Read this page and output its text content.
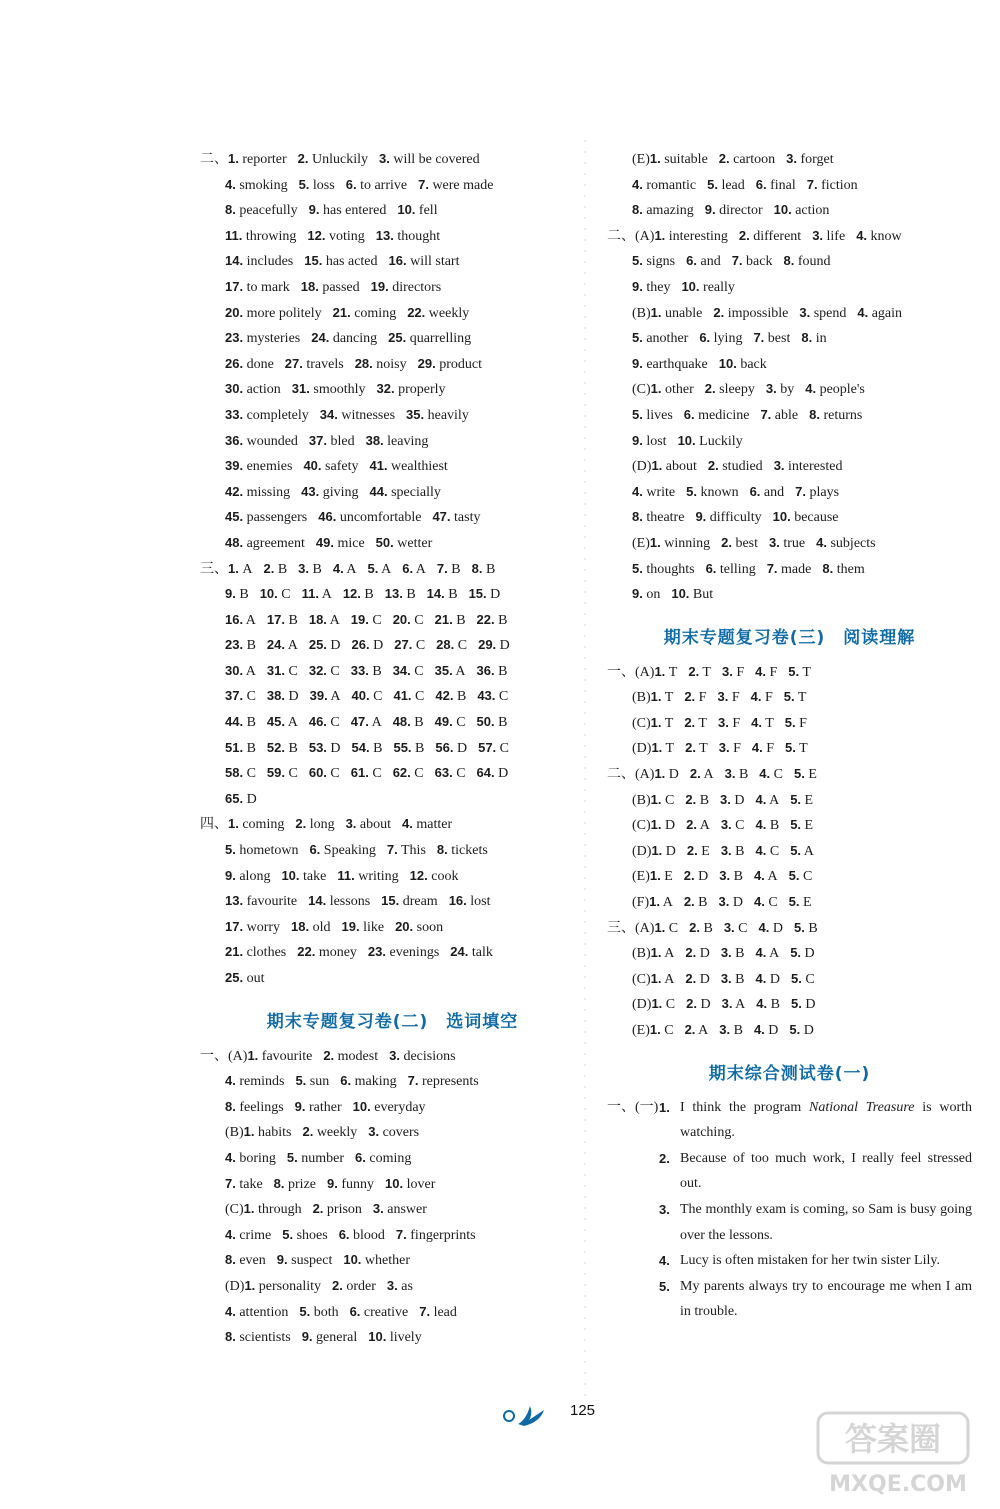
二、1. reporter 2. Unluckily 3. will be covered
4. smoking 5. loss 6. to arrive 7. were made
8. peacefully 9. has entered 10. fell
11. throwing 12. voting 13. thought
14. includes 15. has acted 16. will start
17. to mark 18. passed 19. directors
20. more politely 21. coming 22. weekly
23. mysteries 24. dancing 25. quarrelling
26. done 27. travels 28. noisy 29. product
30. action 31. smoothly 32. properly
33. completely 34. witnesses 35. heavily
36. wounded 37. bled 38. leaving
39. enemies 40. safety 41. wealthiest
42. missing 43. giving 44. specially
45. passengers 46. uncomfortable 47. tasty
48. agreement 49. mice 50. wetter
三、1. A 2. B 3. B 4. A 5. A 6. A 7. B 8. B
9. B 10. C 11. A 12. B 13. B 14. B 15. D
16. A 17. B 18. A 19. C 20. C 21. B 22. B
23. B 24. A 25. D 26. D 27. C 28. C 29. D
30. A 31. C 32. C 33. B 34. C 35. A 36. B
37. C 38. D 39. A 40. C 41. C 42. B 43. C
44. B 45. A 46. C 47. A 48. B 49. C 50. B
51. B 52. B 53. D 54. B 55. B 56. D 57. C
58. C 59. C 60. C 61. C 62. C 63. C 64. D
65. D
四、1. coming 2. long 3. about 4. matter
5. hometown 6. Speaking 7. This 8. tickets
9. along 10. take 11. writing 12. cook
13. favourite 14. lessons 15. dream 16. lost
17. worry 18. old 19. like 20. soon
21. clothes 22. money 23. evenings 24. talk
25. out
期末专题复习卷(二) 选词填空
一、(A)1. favourite 2. modest 3. decisions
4. reminds 5. sun 6. making 7. represents
8. feelings 9. rather 10. everyday
(B)1. habits 2. weekly 3. covers
4. boring 5. number 6. coming
7. take 8. prize 9. funny 10. lover
(C)1. through 2. prison 3. answer
4. crime 5. shoes 6. blood 7. fingerprints
8. even 9. suspect 10. whether
(D)1. personality 2. order 3. as
4. attention 5. both 6. creative 7. lead
8. scientists 9. general 10. lively
(E)1. suitable 2. cartoon 3. forget
4. romantic 5. lead 6. final 7. fiction
8. amazing 9. director 10. action
二、(A)1. interesting 2. different 3. life 4. know
5. signs 6. and 7. back 8. found
9. they 10. really
(B)1. unable 2. impossible 3. spend 4. again
5. another 6. lying 7. best 8. in
9. earthquake 10. back
(C)1. other 2. sleepy 3. by 4. people's
5. lives 6. medicine 7. able 8. returns
9. lost 10. Luckily
(D)1. about 2. studied 3. interested
4. write 5. known 6. and 7. plays
8. theatre 9. difficulty 10. because
(E)1. winning 2. best 3. true 4. subjects
5. thoughts 6. telling 7. made 8. them
9. on 10. But
期末专题复习卷(三) 阅读理解
一、(A)1. T 2. T 3. F 4. F 5. T
(B)1. T 2. F 3. F 4. F 5. T
(C)1. T 2. T 3. F 4. T 5. F
(D)1. T 2. T 3. F 4. F 5. T
二、(A)1. D 2. A 3. B 4. C 5. E
(B)1. C 2. B 3. D 4. A 5. E
(C)1. D 2. A 3. C 4. B 5. E
(D)1. D 2. E 3. B 4. C 5. A
(E)1. E 2. D 3. B 4. A 5. C
(F)1. A 2. B 3. D 4. C 5. E
三、(A)1. C 2. B 3. C 4. D 5. B
(B)1. A 2. D 3. B 4. A 5. D
(C)1. A 2. D 3. B 4. D 5. C
(D)1. C 2. D 3. A 4. B 5. D
(E)1. C 2. A 3. B 4. D 5. D
期末综合测试卷(一)
一、(一) 1. I think the program National Treasure is worth watching.
2. Because of too much work, I really feel stressed out.
3. The monthly exam is coming, so Sam is busy going over the lessons.
4. Lucy is often mistaken for her twin sister Lily.
5. My parents always try to encourage me when I am in trouble.
125
答案圈
MXQE.COM
